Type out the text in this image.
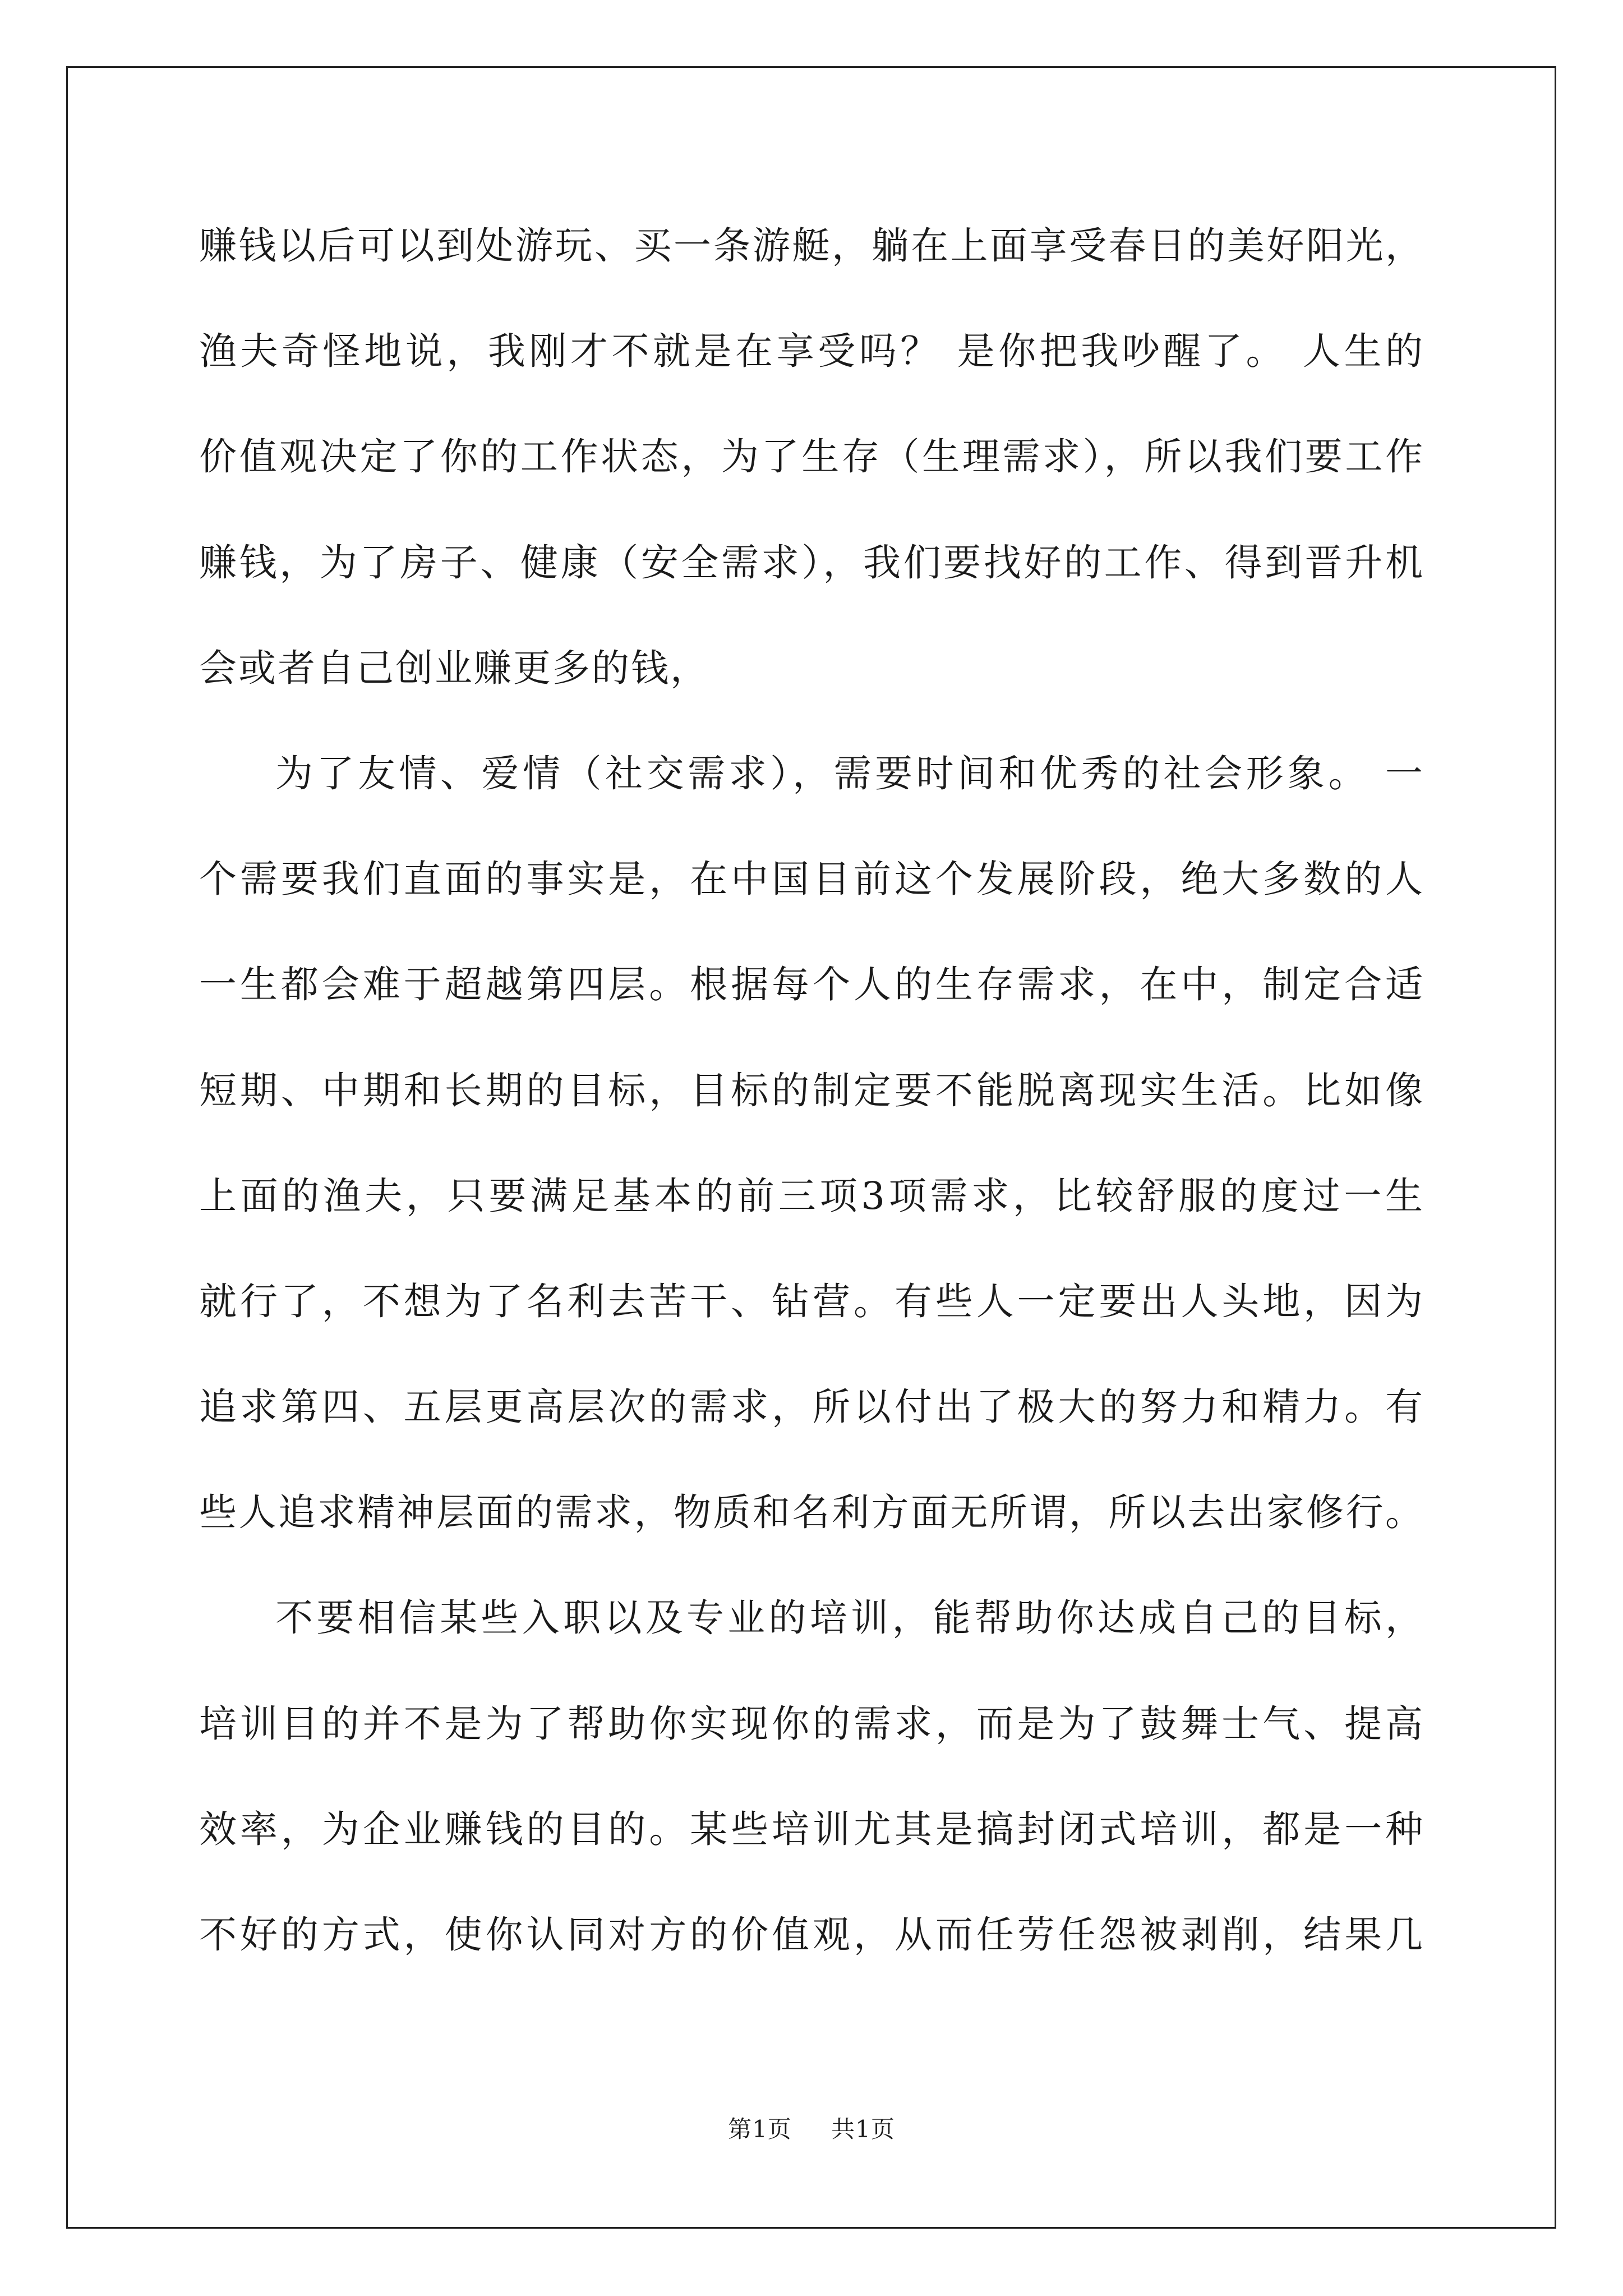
赚钱以后可以到处游玩、买一条游艇，躺在上面享受春日的美好阳光，
渔夫奇怪地说，我刚才不就是在享受吗？ 是你把我吵醒了。 人生的
价值观决定了你的工作状态，为了生存（生理需求），所以我们要工作
赚钱，为了房子、健康（安全需求），我们要找好的工作、得到晋升机
会或者自己创业赚更多的钱，
为了友情、爱情（社交需求），需要时间和优秀的社会形象。 一
个需要我们直面的事实是，在中国目前这个发展阶段，绝大多数的人
一生都会难于超越第四层。根据每个人的生存需求，在中，制定合适
短期、中期和长期的目标，目标的制定要不能脱离现实生活。比如像
上面的渔夫，只要满足基本的前三项3项需求，比较舒服的度过一生
就行了，不想为了名利去苦干、钻营。有些人一定要出人头地，因为
追求第四、五层更高层次的需求，所以付出了极大的努力和精力。有
些人追求精神层面的需求，物质和名利方面无所谓，所以去出家修行。
不要相信某些入职以及专业的培训，能帮助你达成自己的目标，
培训目的并不是为了帮助你实现你的需求，而是为了鼓舞士气、提高
效率，为企业赚钱的目的。某些培训尤其是搞封闭式培训，都是一种
不好的方式，使你认同对方的价值观，从而任劳任怨被剥削，结果几
第1页 共1页
